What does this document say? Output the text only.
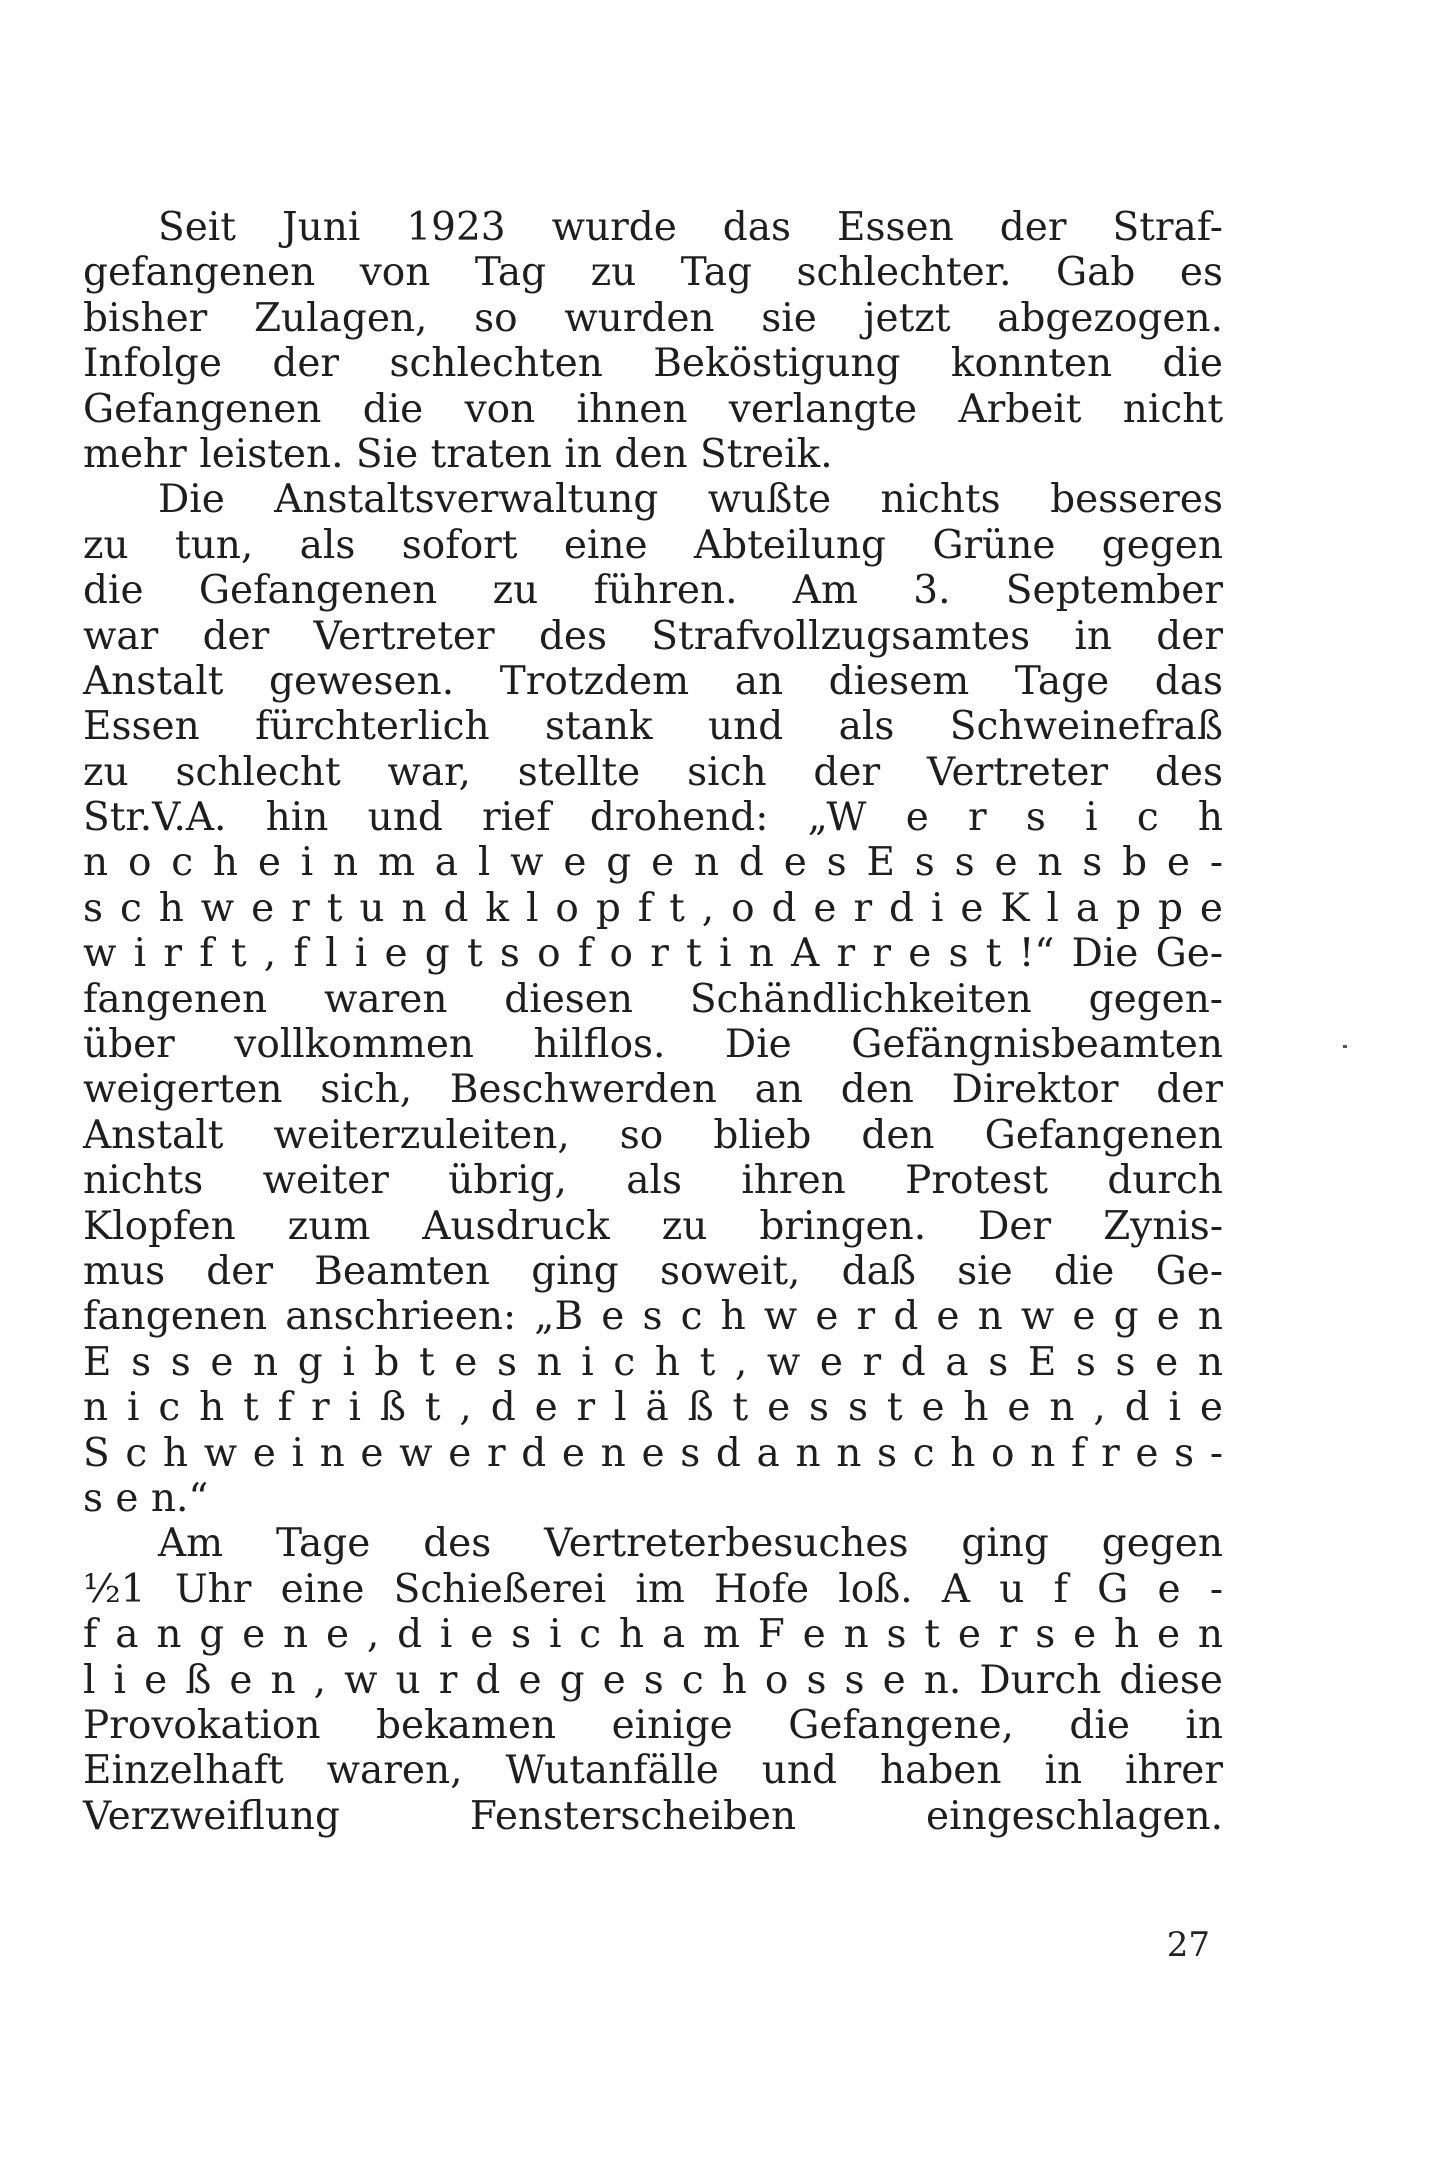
Seit Juni 1923 wurde das Essen der Straf-
gefangenen von Tag zu Tag schlechter. Gab es
bisher Zulagen, so wurden sie jetzt abgezogen.
Infolge der schlechten Beköstigung konnten die
Gefangenen die von ihnen verlangte Arbeit nicht
mehr leisten. Sie traten in den Streik.
Die Anstaltsverwaltung wußte nichts besseres
zu tun, als sofort eine Abteilung Grüne gegen
die Gefangenen zu führen. Am 3. September
war der Vertreter des Strafvollzugsamtes in der
Anstalt gewesen. Trotzdem an diesem Tage das
Essen fürchterlich stank und als Schweinefraß
zu schlecht war, stellte sich der Vertreter des
Str.V.A. hin und rief drohend: „W e r s i c h
n o c h e i n m a l w e g e n d e s E s s e n s b e -
s c h w e r t u n d k l o p f t , o d e r d i e K l a p p e
w i r f t , f l i e g t s o f o r t i n A r r e s t !“ Die Ge-
fangenen waren diesen Schändlichkeiten gegen-
über vollkommen hilflos. Die Gefängnisbeamten
weigerten sich, Beschwerden an den Direktor der
Anstalt weiterzuleiten, so blieb den Gefangenen
nichts weiter übrig, als ihren Protest durch
Klopfen zum Ausdruck zu bringen. Der Zynis-
mus der Beamten ging soweit, daß sie die Ge-
fangenen anschrieen: „B e s c h w e r d e n w e g e n
E s s e n g i b t e s n i c h t , w e r d a s E s s e n
n i c h t f r i ß t , d e r l ä ß t e s s t e h e n , d i e
S c h w e i n e w e r d e n e s d a n n s c h o n f r e s -
s e n.“
Am Tage des Vertreterbesuches ging gegen
½1 Uhr eine Schießerei im Hofe loß. A u f G e -
f a n g e n e , d i e s i c h a m F e n s t e r s e h e n
l i e ß e n , w u r d e g e s c h o s s e n. Durch diese
Provokation bekamen einige Gefangene, die in
Einzelhaft waren, Wutanfälle und haben in ihrer
Verzweiflung Fensterscheiben eingeschlagen.
27
